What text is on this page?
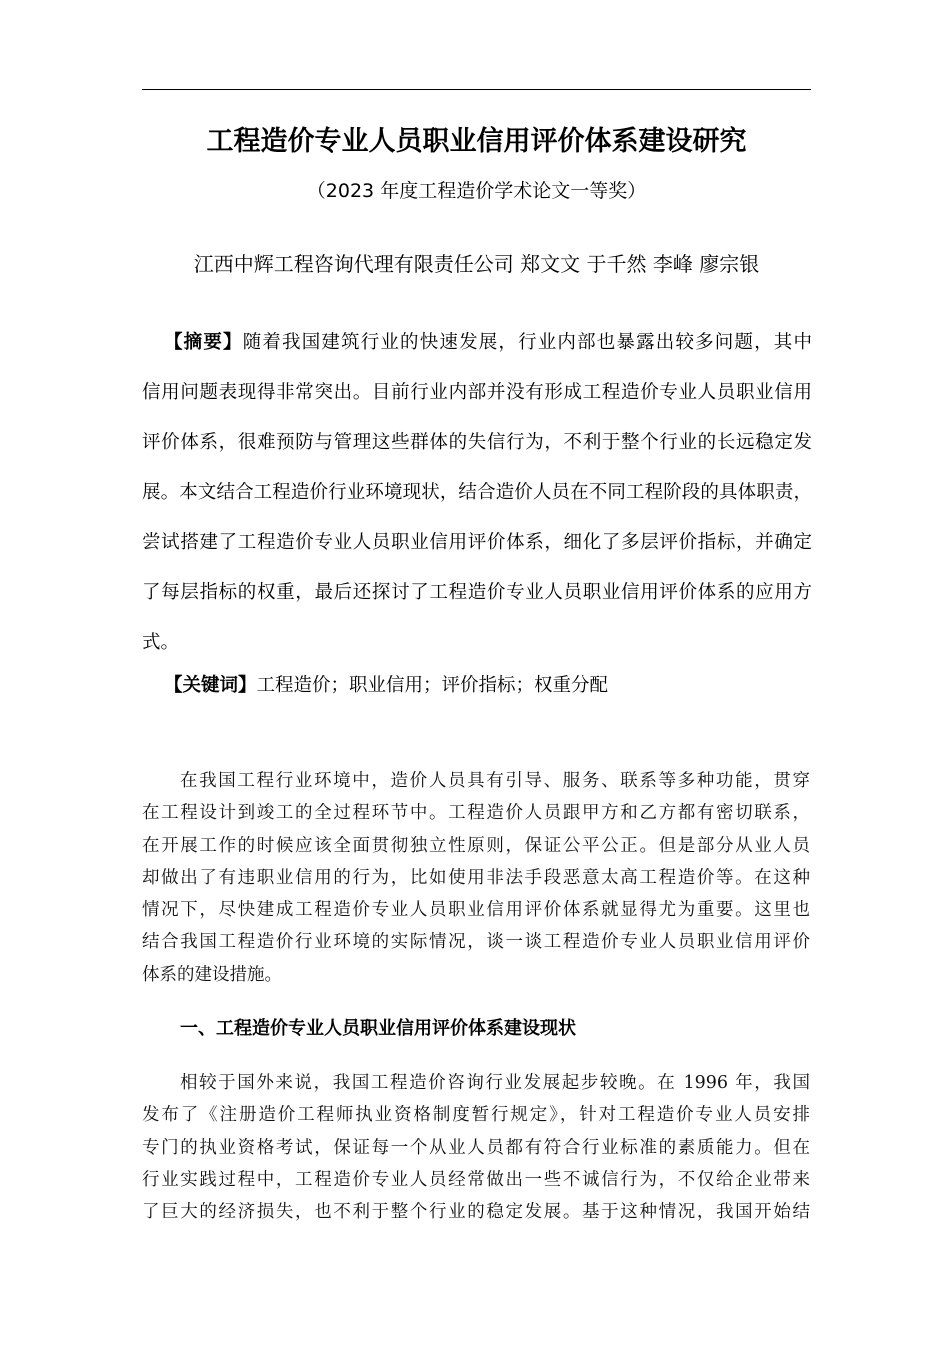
工程造价专业人员职业信用评价体系建设研究
（2023 年度工程造价学术论文一等奖）
江西中辉工程咨询代理有限责任公司 郑文文 于千然 李峰 廖宗银
【摘要】随着我国建筑行业的快速发展，行业内部也暴露出较多问题，其中
信用问题表现得非常突出。目前行业内部并没有形成工程造价专业人员职业信用
评价体系，很难预防与管理这些群体的失信行为，不利于整个行业的长远稳定发
展。本文结合工程造价行业环境现状，结合造价人员在不同工程阶段的具体职责，
尝试搭建了工程造价专业人员职业信用评价体系，细化了多层评价指标，并确定
了每层指标的权重，最后还探讨了工程造价专业人员职业信用评价体系的应用方
式。
【关键词】工程造价；职业信用；评价指标；权重分配
在我国工程行业环境中，造价人员具有引导、服务、联系等多种功能，贯穿
在工程设计到竣工的全过程环节中。工程造价人员跟甲方和乙方都有密切联系，
在开展工作的时候应该全面贯彻独立性原则，保证公平公正。但是部分从业人员
却做出了有违职业信用的行为，比如使用非法手段恶意太高工程造价等。在这种
情况下，尽快建成工程造价专业人员职业信用评价体系就显得尤为重要。这里也
结合我国工程造价行业环境的实际情况，谈一谈工程造价专业人员职业信用评价
体系的建设措施。
一、工程造价专业人员职业信用评价体系建设现状
相较于国外来说，我国工程造价咨询行业发展起步较晚。在 1996 年，我国
发布了《注册造价工程师执业资格制度暂行规定》，针对工程造价专业人员安排
专门的执业资格考试，保证每一个从业人员都有符合行业标准的素质能力。但在
行业实践过程中，工程造价专业人员经常做出一些不诚信行为，不仅给企业带来
了巨大的经济损失，也不利于整个行业的稳定发展。基于这种情况，我国开始结
